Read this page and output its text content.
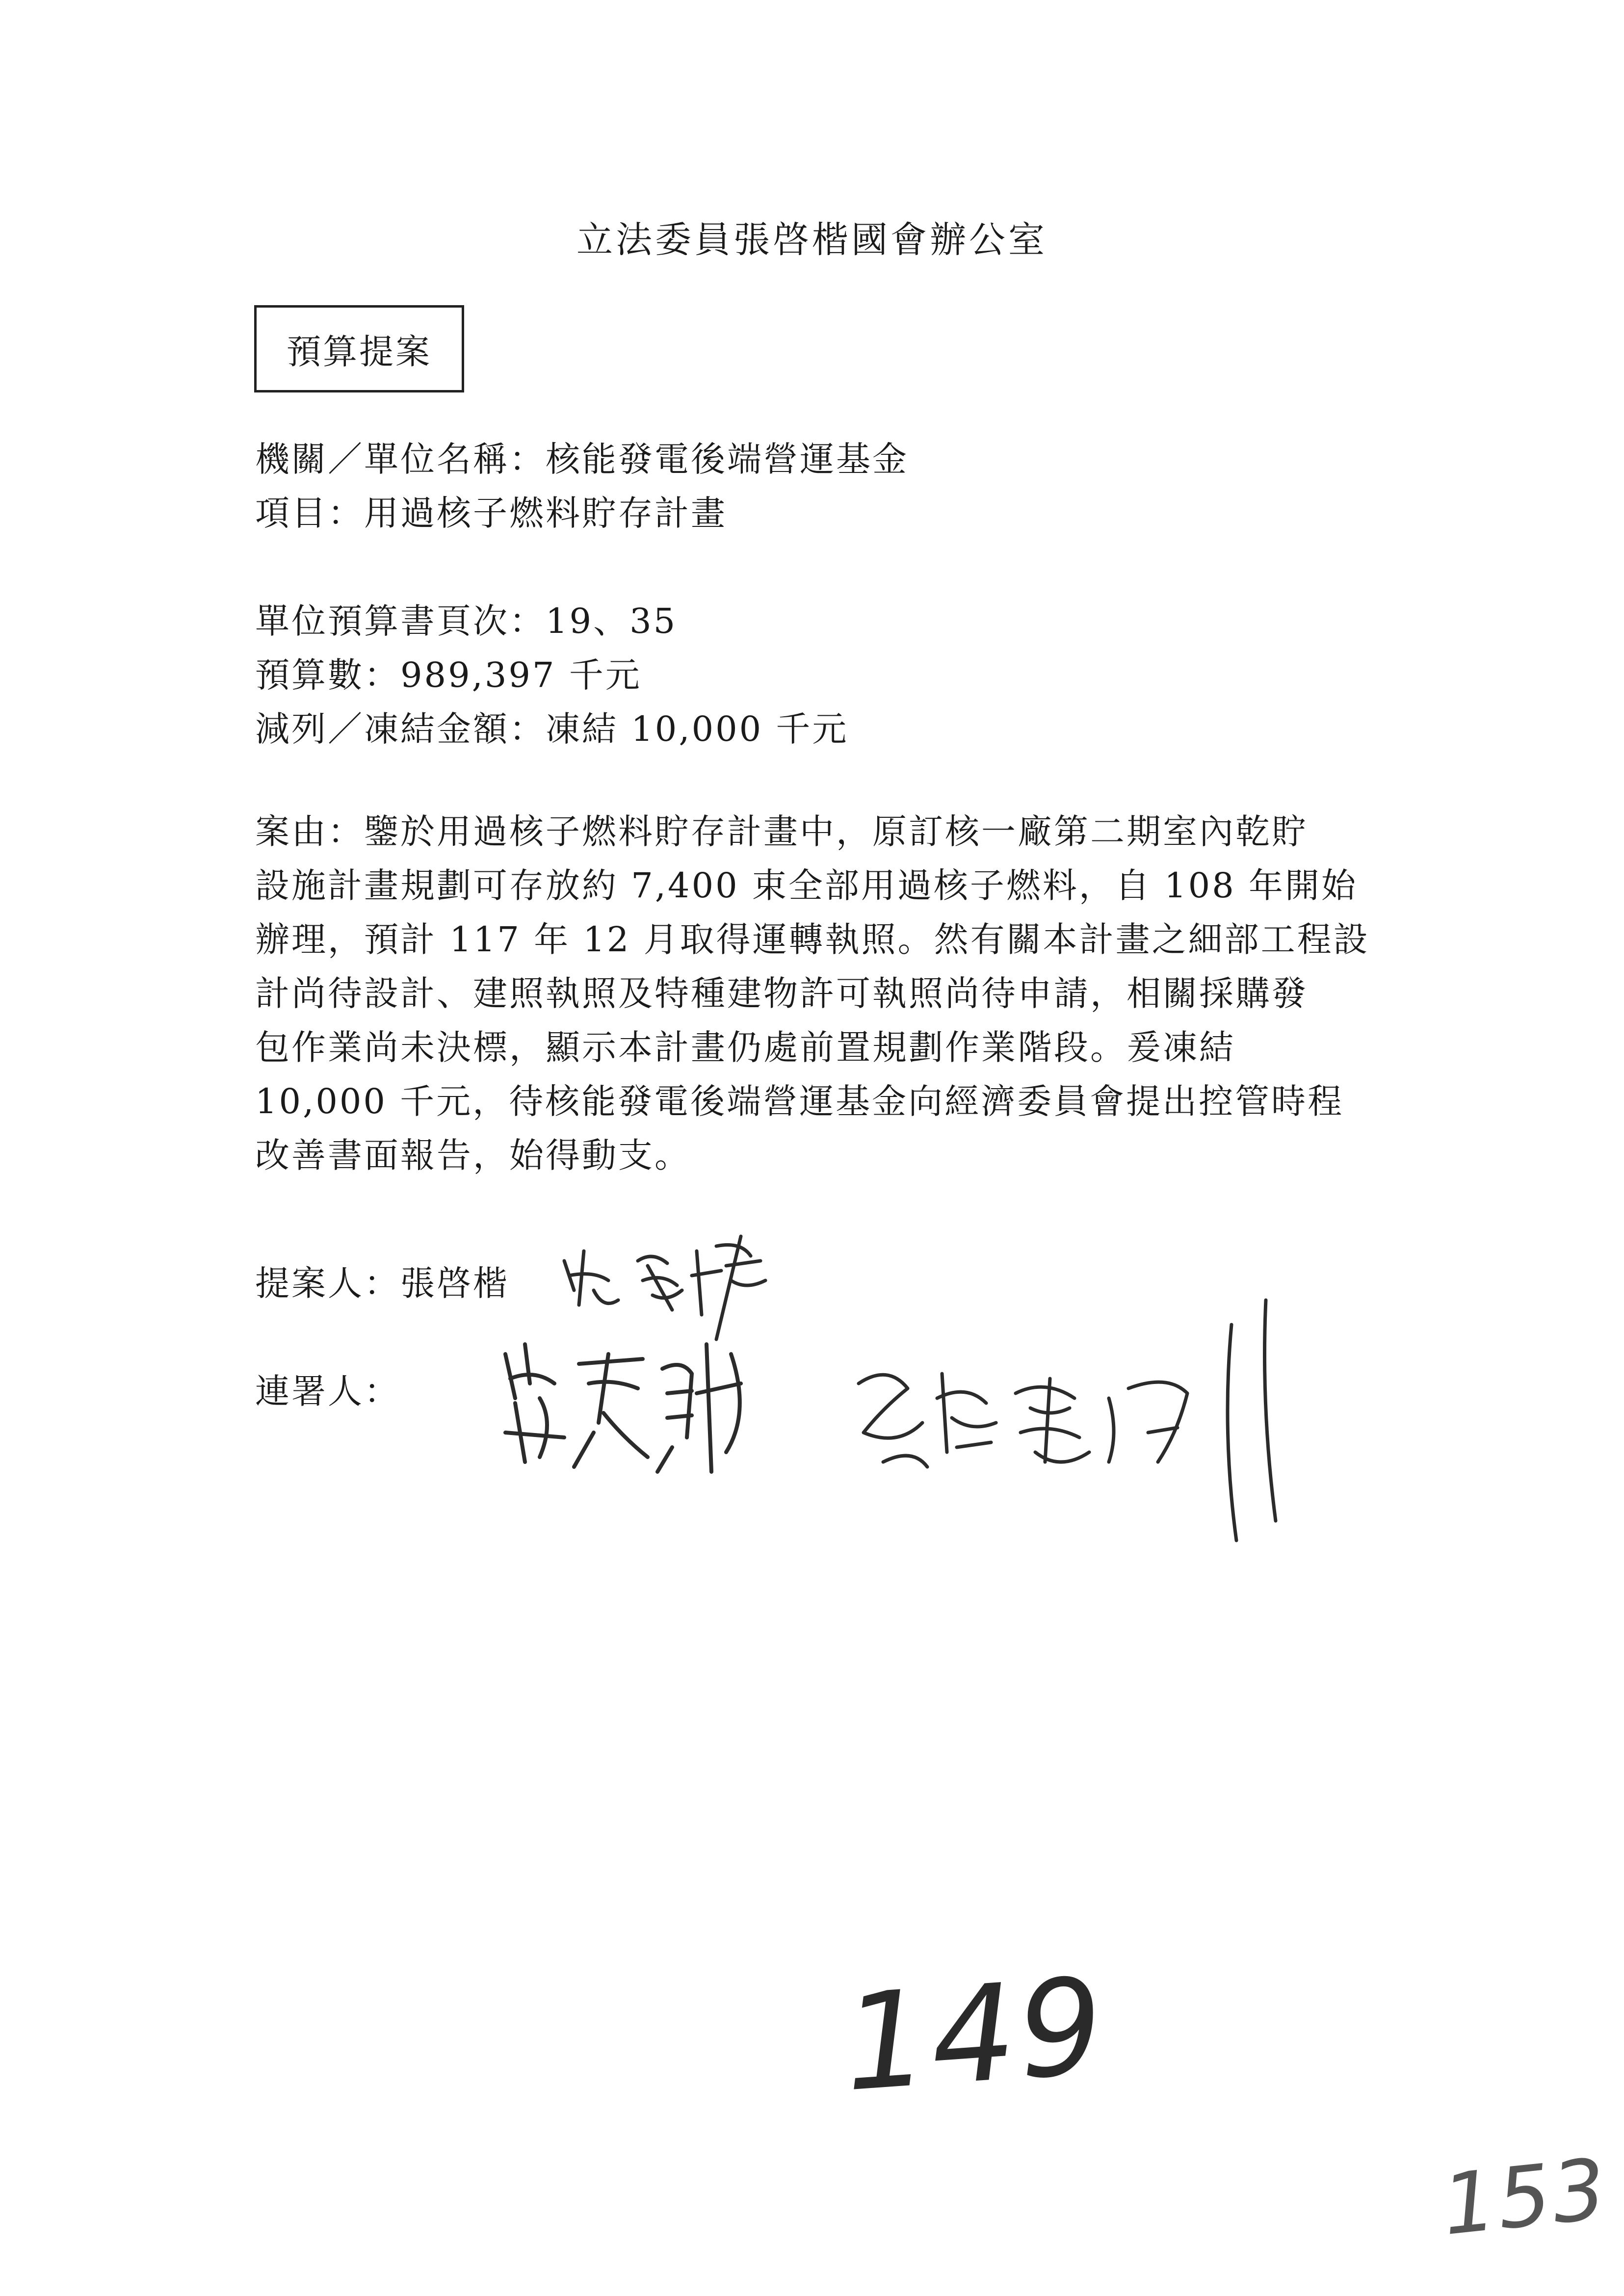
立法委員張啓楷國會辦公室
預算提案
機關／單位名稱：核能發電後端營運基金
項目：用過核子燃料貯存計畫
單位預算書頁次：19、35
預算數：989,397 千元
減列／凍結金額：凍結 10,000 千元
案由：鑒於用過核子燃料貯存計畫中，原訂核一廠第二期室內乾貯
設施計畫規劃可存放約 7,400 束全部用過核子燃料，自 108 年開始
辦理，預計 117 年 12 月取得運轉執照。然有關本計畫之細部工程設
計尚待設計、建照執照及特種建物許可執照尚待申請，相關採購發
包作業尚未決標，顯示本計畫仍處前置規劃作業階段。爰凍結
10,000 千元，待核能發電後端營運基金向經濟委員會提出控管時程
改善書面報告，始得動支。
提案人：張啓楷
連署人：
149
153
